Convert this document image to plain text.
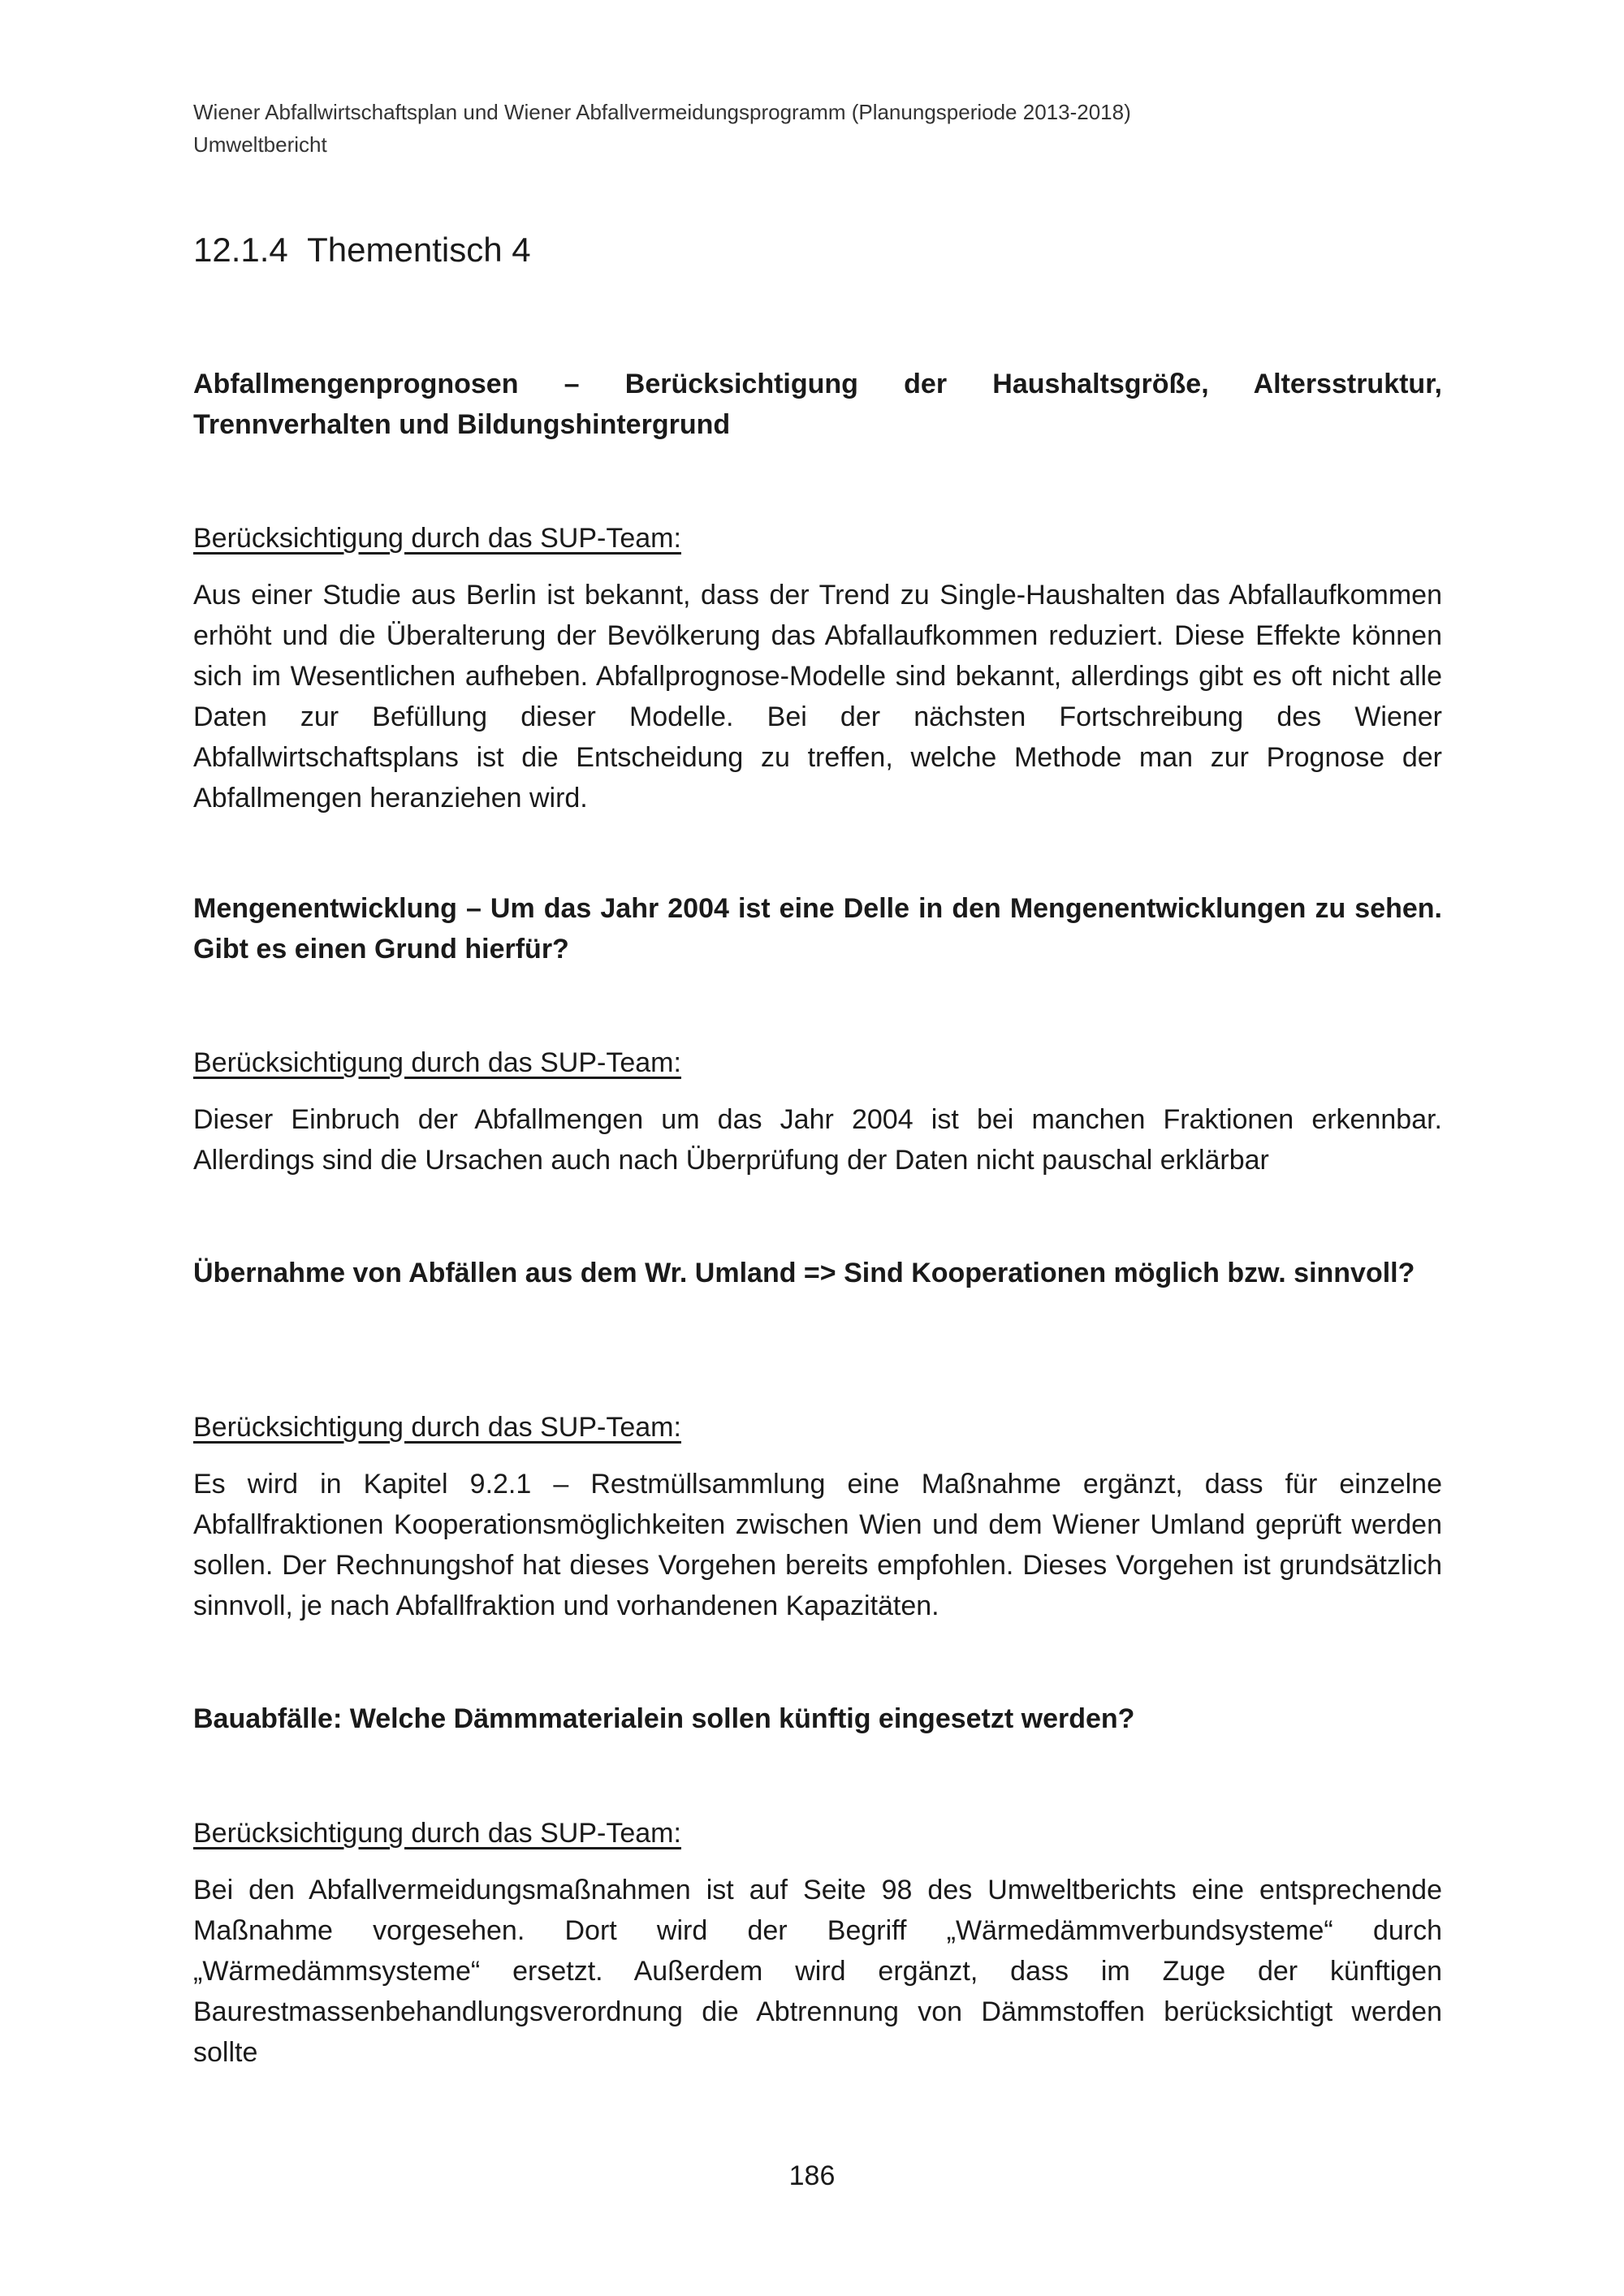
Wiener Abfallwirtschaftsplan und Wiener Abfallvermeidungsprogramm (Planungsperiode 2013-2018)
Umweltbericht
12.1.4 Thementisch 4

Abfallmengenprognosen – Berücksichtigung der Haushaltsgröße, Altersstruktur, Trennverhalten und Bildungshintergrund

Berücksichtigung durch das SUP-Team:

Aus einer Studie aus Berlin ist bekannt, dass der Trend zu Single-Haushalten das Abfallaufkommen erhöht und die Überalterung der Bevölkerung das Abfallaufkommen reduziert. Diese Effekte können sich im Wesentlichen aufheben. Abfallprognose-Modelle sind bekannt, allerdings gibt es oft nicht alle Daten zur Befüllung dieser Modelle. Bei der nächsten Fortschreibung des Wiener Abfallwirtschaftsplans ist die Entscheidung zu treffen, welche Methode man zur Prognose der Abfallmengen heranziehen wird.

Mengenentwicklung – Um das Jahr 2004 ist eine Delle in den Mengenentwicklungen zu sehen. Gibt es einen Grund hierfür?

Berücksichtigung durch das SUP-Team:

Dieser Einbruch der Abfallmengen um das Jahr 2004 ist bei manchen Fraktionen erkennbar. Allerdings sind die Ursachen auch nach Überprüfung der Daten nicht pauschal erklärbar

Übernahme von Abfällen aus dem Wr. Umland => Sind Kooperationen möglich bzw. sinnvoll?

Berücksichtigung durch das SUP-Team:

Es wird in Kapitel 9.2.1 – Restmüllsammlung eine Maßnahme ergänzt, dass für einzelne Abfallfraktionen Kooperationsmöglichkeiten zwischen Wien und dem Wiener Umland geprüft werden sollen. Der Rechnungshof hat dieses Vorgehen bereits empfohlen. Dieses Vorgehen ist grundsätzlich sinnvoll, je nach Abfallfraktion und vorhandenen Kapazitäten.

Bauabfälle: Welche Dämmmaterialein sollen künftig eingesetzt werden?

Berücksichtigung durch das SUP-Team:

Bei den Abfallvermeidungsmaßnahmen ist auf Seite 98 des Umweltberichts eine entsprechende Maßnahme vorgesehen. Dort wird der Begriff „Wärmedämmverbundsysteme“ durch „Wärmedämmsysteme“ ersetzt. Außerdem wird ergänzt, dass im Zuge der künftigen Baurestmassenbehandlungsverordnung die Abtrennung von Dämmstoffen berücksichtigt werden sollte

186
